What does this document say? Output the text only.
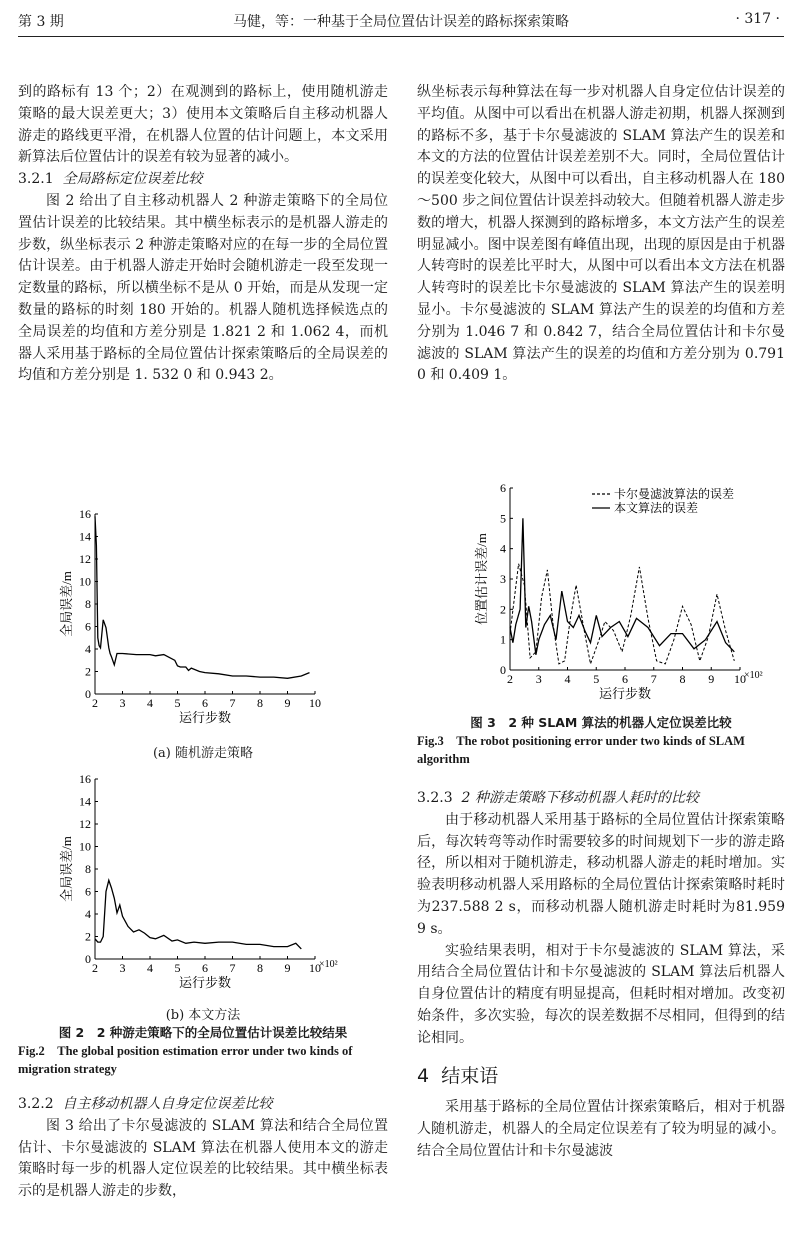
第 3 期	马健，等：一种基于全局位置估计误差的路标探索策略	· 317 ·

到的路标有 13 个；2）在观测到的路标上，使用随机游走策略的最大误差更大；3）使用本文策略后自主移动机器人游走的路线更平滑，在机器人位置的估计问题上，本文采用新算法后位置估计的误差有较为显著的减小。

3.2.1 全局路标定位误差比较

图 2 给出了自主移动机器人 2 种游走策略下的全局位置估计误差的比较结果。其中横坐标表示的是机器人游走的步数，纵坐标表示 2 种游走策略对应的在每一步的全局位置估计误差。由于机器人游走开始时会随机游走一段至发现一定数量的路标，所以横坐标不是从 0 开始，而是从发现一定数量的路标的时刻 180 开始的。机器人随机选择候选点的全局误差的均值和方差分别是 1.821 2 和 1.062 4，而机器人采用基于路标的全局位置估计探索策略后的全局误差的均值和方差分别是 1. 532 0 和 0.943 2。

0
2
4
6
8
10
12
14
16
2 3 4 5 6 7 8 9 10
运行步数
全局误差/m
(a) 随机游走策略
0
2
4
6
8
10
12
14
16
2 3 4 5 6 7 8 9 10
×10²
运行步数
全局误差/m
(b) 本文方法
图 2　2 种游走策略下的全局位置估计误差比较结果
Fig.2　The global position estimation error under two kinds of migration strategy

3.2.2 自主移动机器人自身定位误差比较

图 3 给出了卡尔曼滤波的 SLAM 算法和结合全局位置估计、卡尔曼滤波的 SLAM 算法在机器人使用本文的游走策略时每一步的机器人定位误差的比较结果。其中横坐标表示的是机器人游走的步数，

纵坐标表示每种算法在每一步对机器人自身定位估计误差的平均值。从图中可以看出在机器人游走初期，机器人探测到的路标不多，基于卡尔曼滤波的 SLAM 算法产生的误差和本文的方法的位置估计误差差别不大。同时，全局位置估计的误差变化较大，从图中可以看出，自主移动机器人在 180～500 步之间位置估计误差抖动较大。但随着机器人游走步数的增大，机器人探测到的路标增多，本文方法产生的误差明显减小。图中误差图有峰值出现，出现的原因是由于机器人转弯时的误差比平时大，从图中可以看出本文方法在机器人转弯时的误差比卡尔曼滤波的 SLAM 算法产生的误差明显小。卡尔曼滤波的 SLAM 算法产生的误差的均值和方差分别为 1.046 7 和 0.842 7，结合全局位置估计和卡尔曼滤波的 SLAM 算法产生的误差的均值和方差分别为 0.791 0 和 0.409 1。

0
1
2
3
4
5
6
2 3 4 5 6 7 8 9 10
×10²
运行步数
位置估计误差/m
卡尔曼滤波算法的误差
本文算法的误差
图 3　2 种 SLAM 算法的机器人定位误差比较
Fig.3　The robot positioning error under two kinds of SLAM algorithm

3.2.3 2 种游走策略下移动机器人耗时的比较

由于移动机器人采用基于路标的全局位置估计探索策略后，每次转弯等动作时需要较多的时间规划下一步的游走路径，所以相对于随机游走，移动机器人游走的耗时增加。实验表明移动机器人采用路标的全局位置估计探索策略时耗时为237.588 2 s，而移动机器人随机游走时耗时为81.959 9 s。

实验结果表明，相对于卡尔曼滤波的 SLAM 算法，采用结合全局位置估计和卡尔曼滤波的 SLAM 算法后机器人自身位置估计的精度有明显提高，但耗时相对增加。改变初始条件，多次实验，每次的误差数据不尽相同，但得到的结论相同。

4 结束语

采用基于路标的全局位置估计探索策略后，相对于机器人随机游走，机器人的全局定位误差有了较为明显的减小。结合全局位置估计和卡尔曼滤波
